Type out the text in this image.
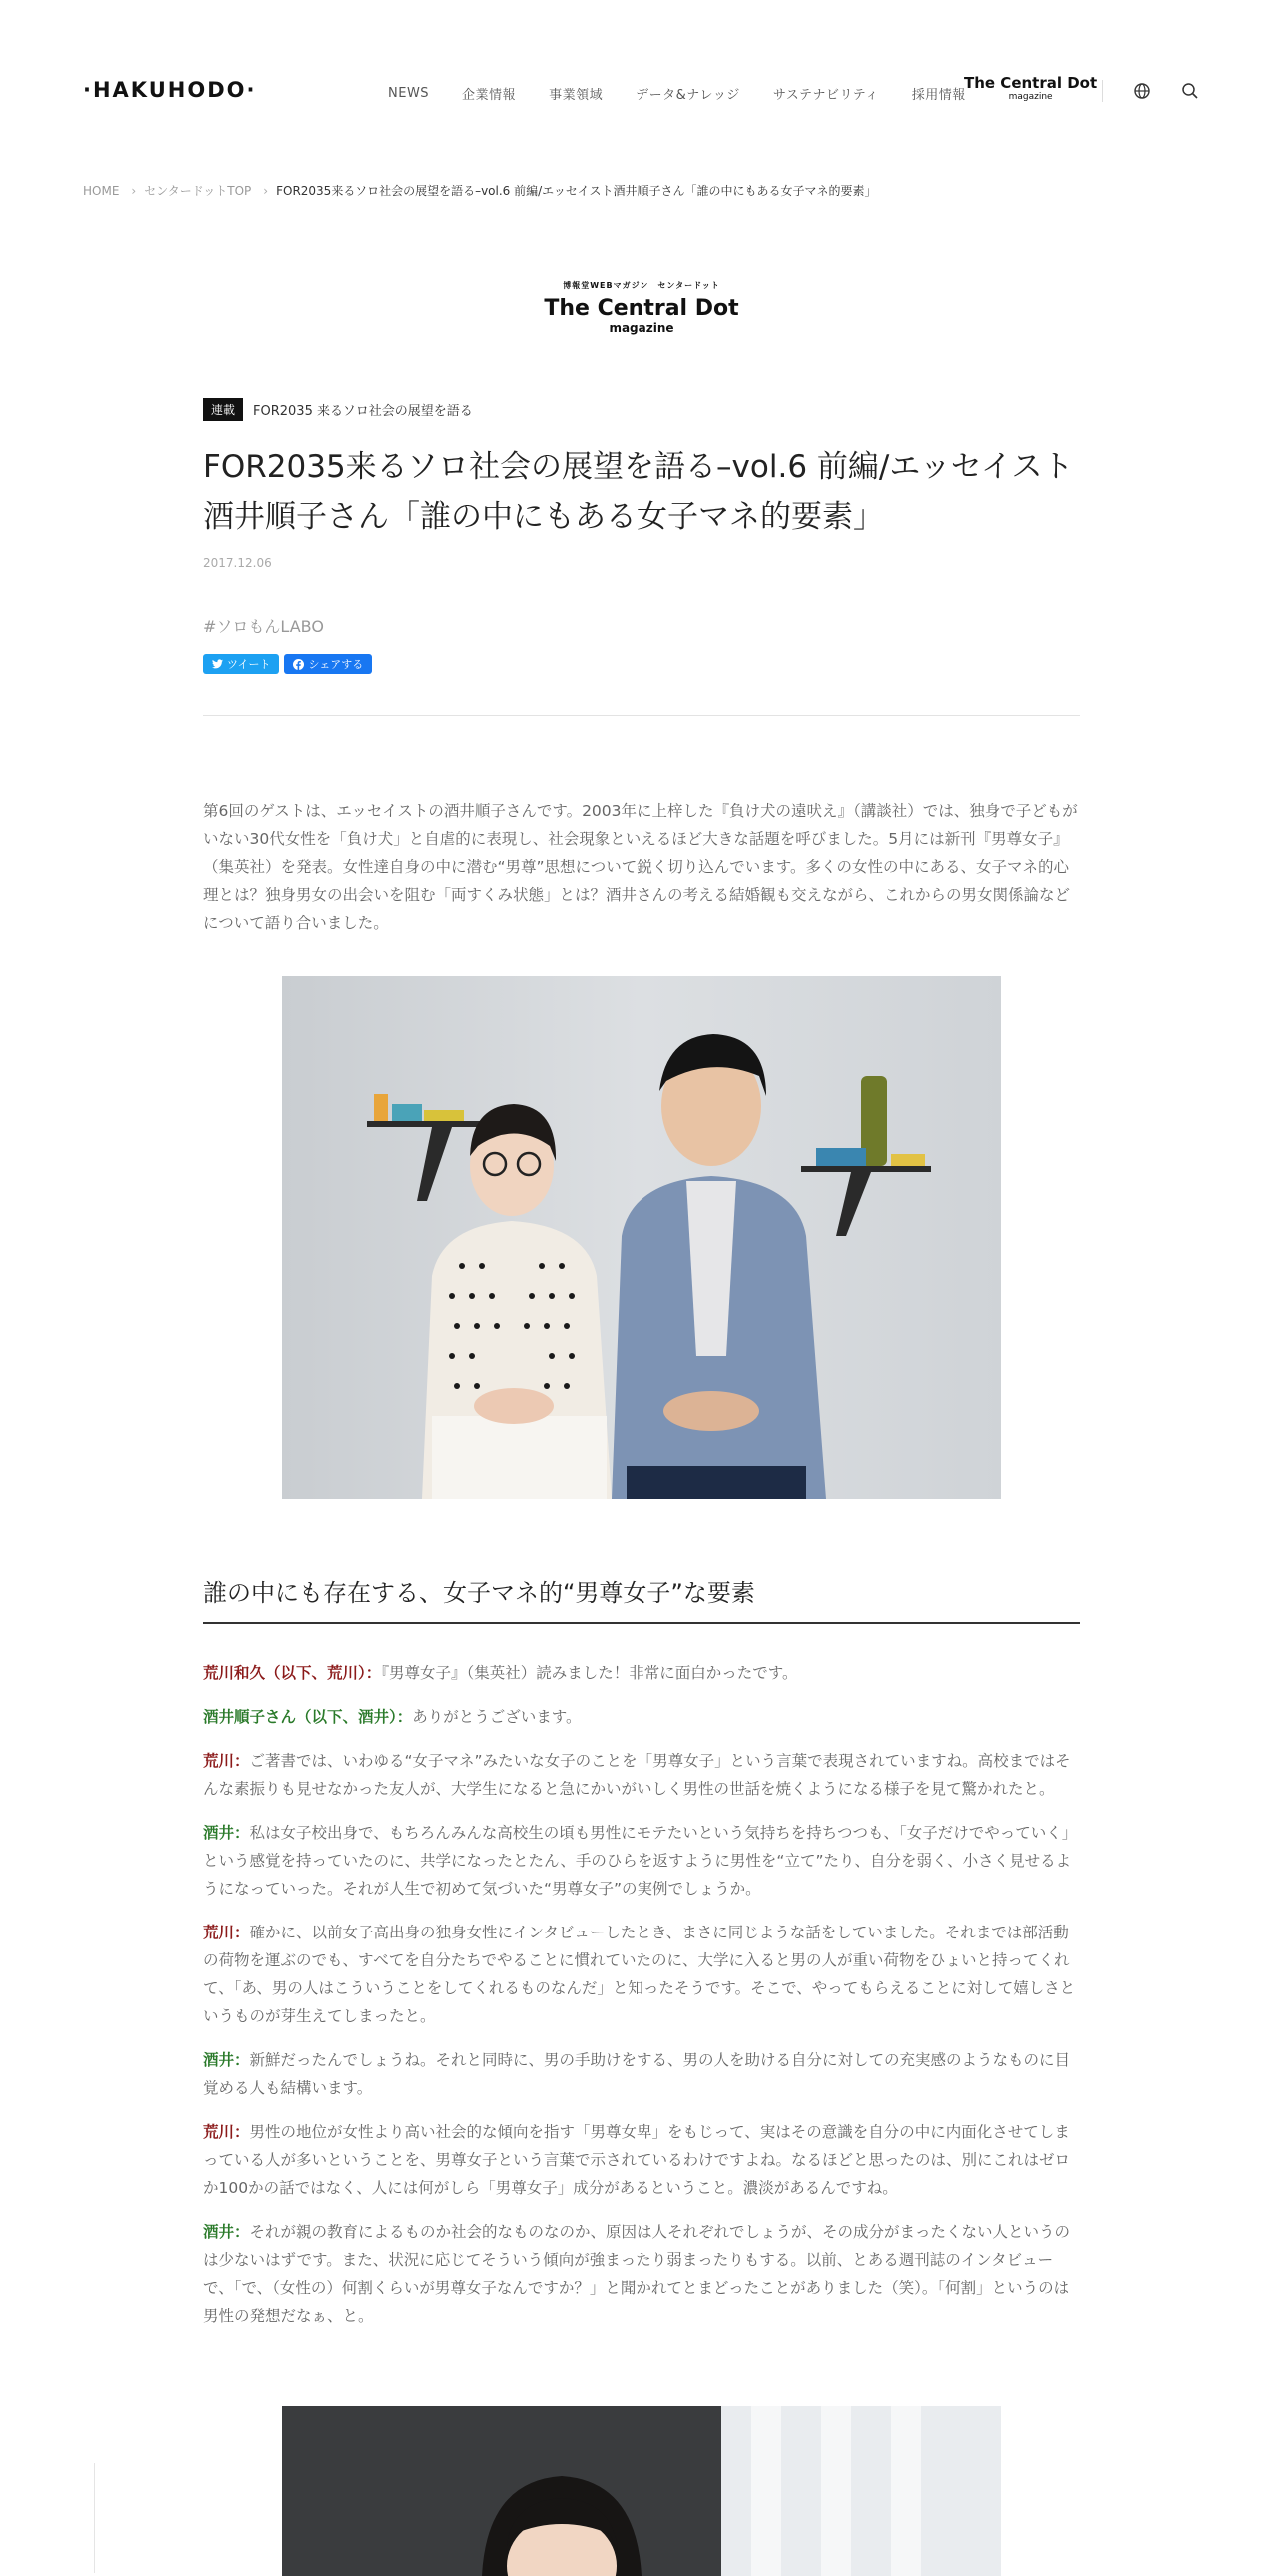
·HAKUHODO·	NEWS	企業情報	事業領域	データ&ナレッジ	サステナビリティ	採用情報
The Central Dot
magazine
HOME › センタードットTOP › FOR2035来るソロ社会の展望を語る–vol.6 前編/エッセイスト酒井順子さん「誰の中にもある女子マネ的要素」
博報堂WEBマガジン　センタードット
The Central Dot
magazine
連載	FOR2035 来るソロ社会の展望を語る
FOR2035来るソロ社会の展望を語る–vol.6 前編/エッセイスト酒井順子さん「誰の中にもある女子マネ的要素」
2017.12.06
#ソロもんLABO
ツイート	シェアする

第6回のゲストは、エッセイストの酒井順子さんです。2003年に上梓した『負け犬の遠吠え』（講談社）では、独身で子どもがいない30代女性を「負け犬」と自虐的に表現し、社会現象といえるほど大きな話題を呼びました。5月には新刊『男尊女子』（集英社）を発表。女性達自身の中に潜む“男尊”思想について鋭く切り込んでいます。多くの女性の中にある、女子マネ的心理とは？独身男女の出会いを阻む「両すくみ状態」とは？酒井さんの考える結婚観も交えながら、これからの男女関係論などについて語り合いました。

誰の中にも存在する、女子マネ的“男尊女子”な要素

荒川和久（以下、荒川）：『男尊女子』（集英社）読みました！非常に面白かったです。

酒井順子さん（以下、酒井）：ありがとうございます。

荒川：ご著書では、いわゆる“女子マネ”みたいな女子のことを「男尊女子」という言葉で表現されていますね。高校まではそんな素振りも見せなかった友人が、大学生になると急にかいがいしく男性の世話を焼くようになる様子を見て驚かれたと。

酒井：私は女子校出身で、もちろんみんな高校生の頃も男性にモテたいという気持ちを持ちつつも、「女子だけでやっていく」という感覚を持っていたのに、共学になったとたん、手のひらを返すように男性を“立て”たり、自分を弱く、小さく見せるようになっていった。それが人生で初めて気づいた“男尊女子”の実例でしょうか。

荒川：確かに、以前女子高出身の独身女性にインタビューしたとき、まさに同じような話をしていました。それまでは部活動の荷物を運ぶのでも、すべてを自分たちでやることに慣れていたのに、大学に入ると男の人が重い荷物をひょいと持ってくれて、「あ、男の人はこういうことをしてくれるものなんだ」と知ったそうです。そこで、やってもらえることに対して嬉しさというものが芽生えてしまったと。

酒井：新鮮だったんでしょうね。それと同時に、男の手助けをする、男の人を助ける自分に対しての充実感のようなものに目覚める人も結構います。

荒川：男性の地位が女性より高い社会的な傾向を指す「男尊女卑」をもじって、実はその意識を自分の中に内面化させてしまっている人が多いということを、男尊女子という言葉で示されているわけですよね。なるほどと思ったのは、別にこれはゼロか100かの話ではなく、人には何がしら「男尊女子」成分があるということ。濃淡があるんですね。

酒井：それが親の教育によるものか社会的なものなのか、原因は人それぞれでしょうが、その成分がまったくない人というのは少ないはずです。また、状況に応じてそういう傾向が強まったり弱まったりもする。以前、とある週刊誌のインタビューで、「で、（女性の）何割くらいが男尊女子なんですか？」と聞かれてとまどったことがありました（笑）。「何割」というのは男性の発想だなぁ、と。
